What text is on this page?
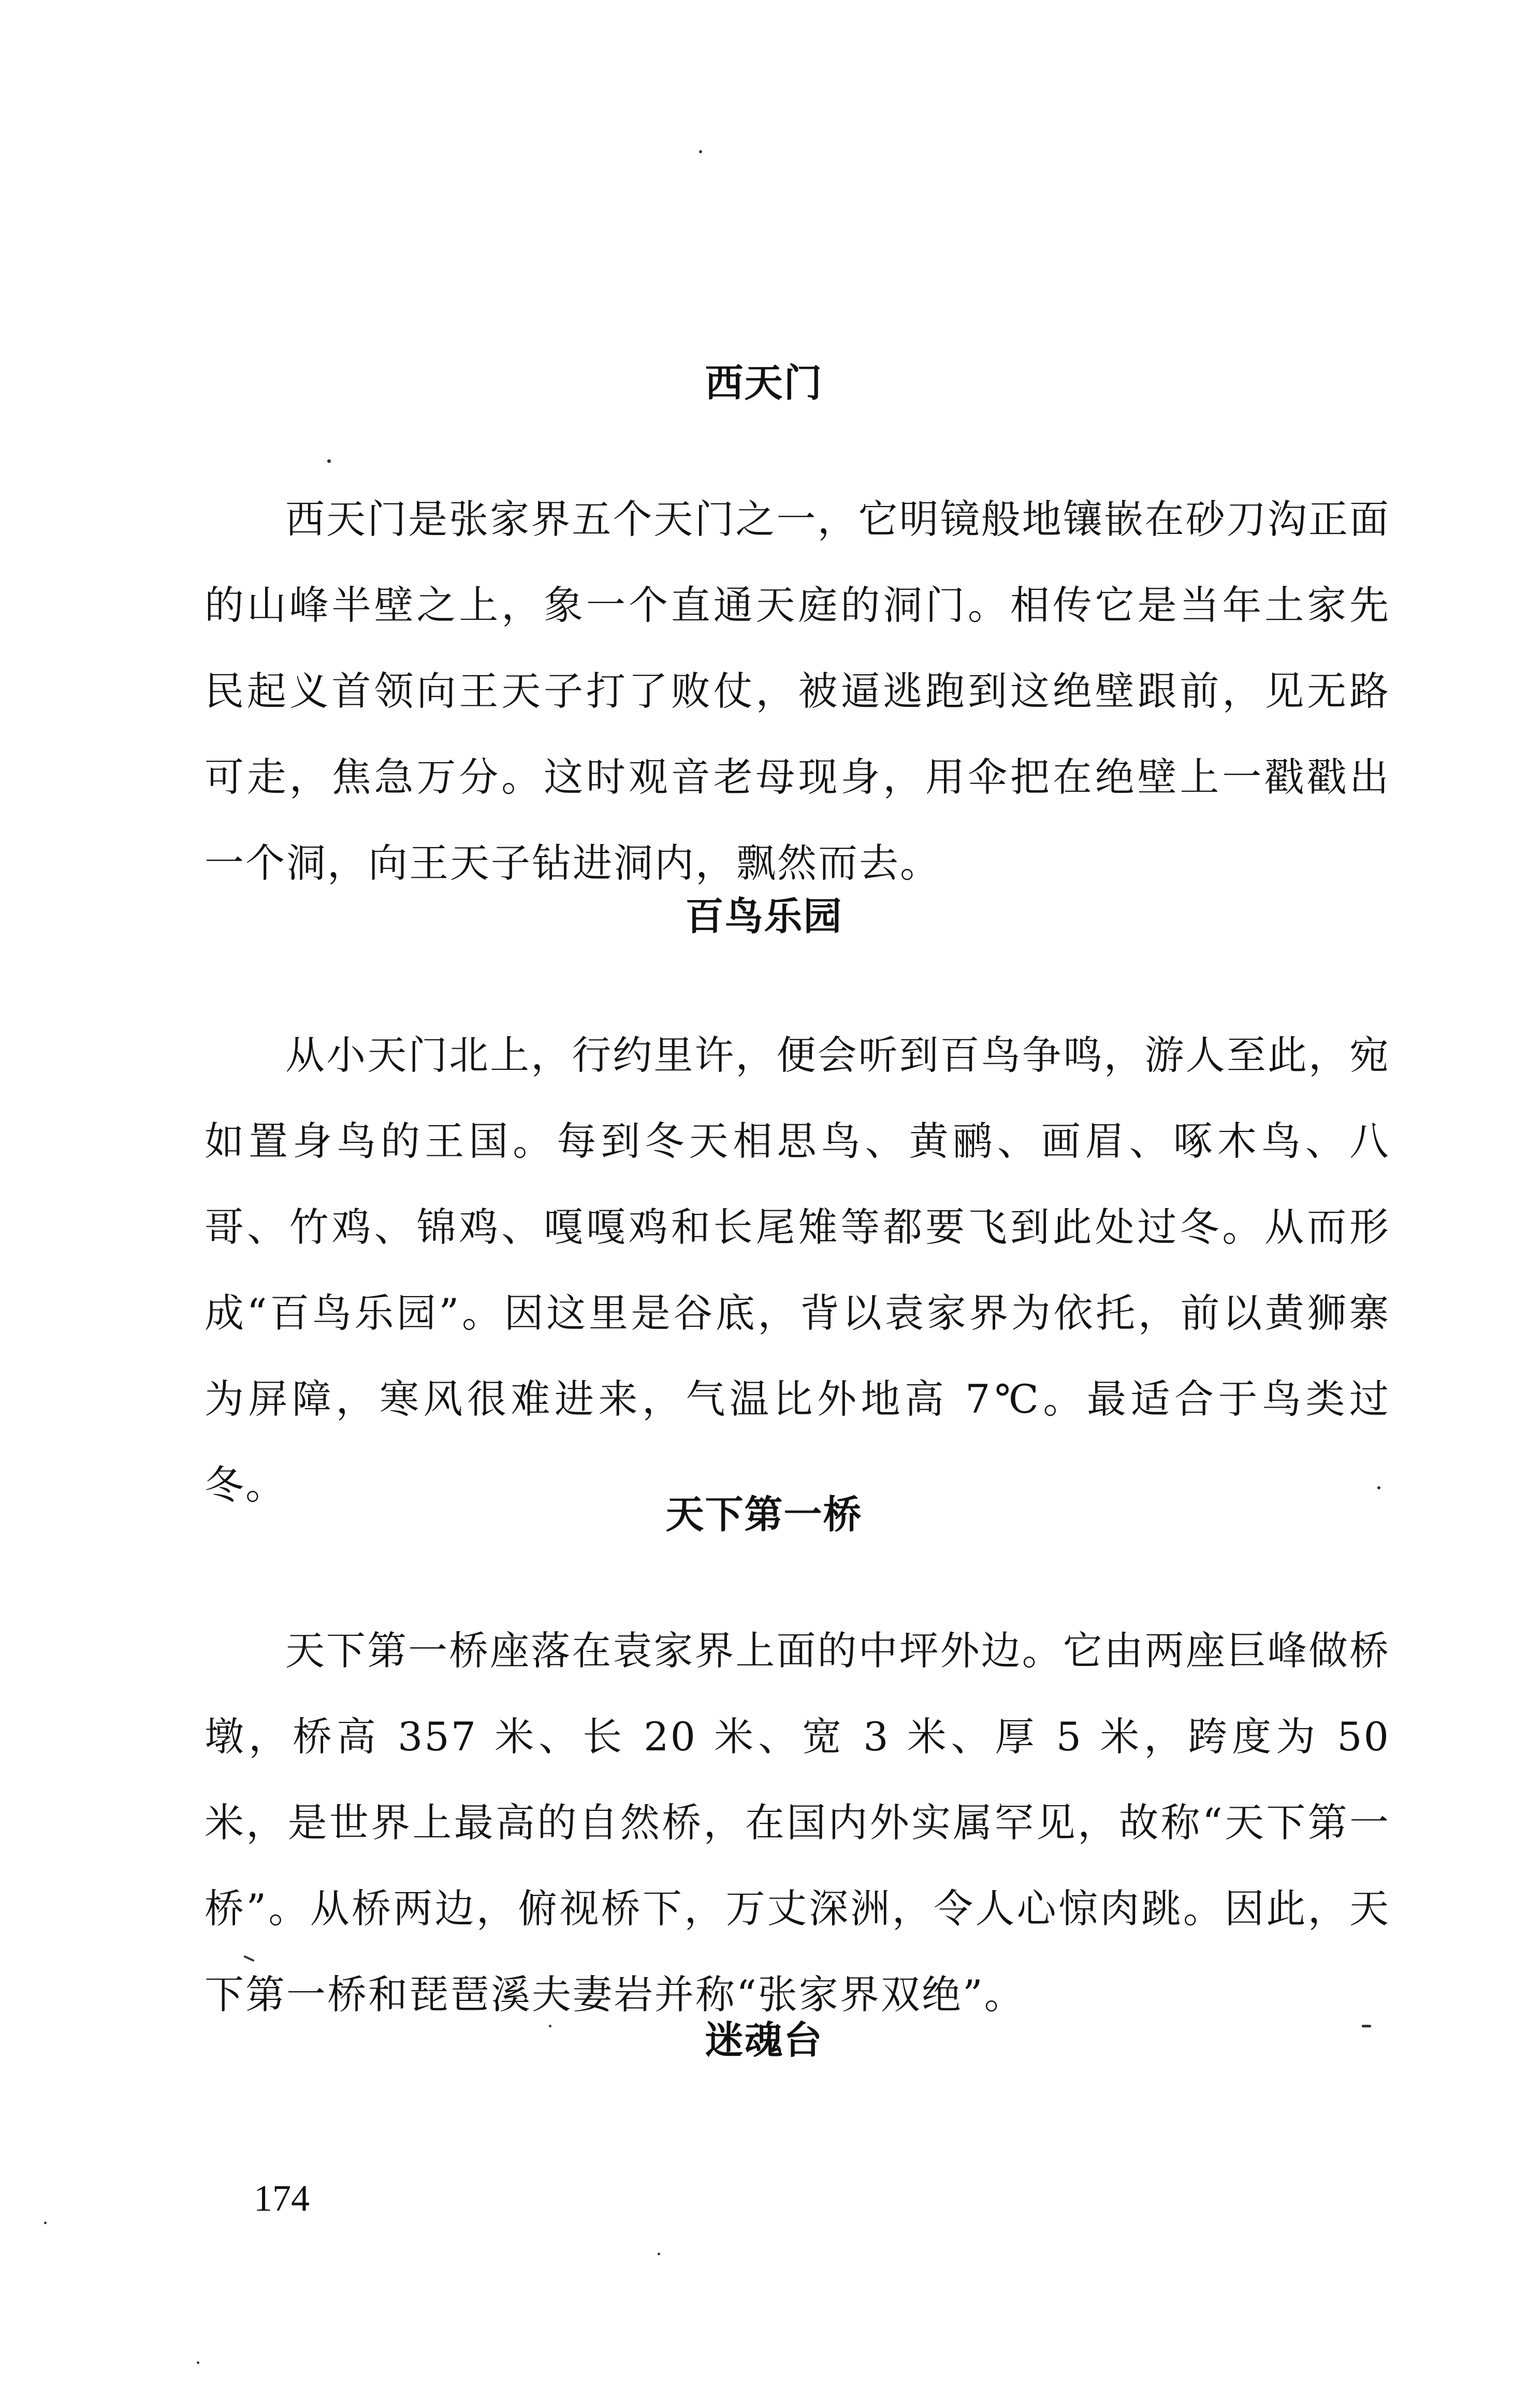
西天门

西天门是张家界五个天门之一，它明镜般地镶嵌在砂刀沟正面的山峰半壁之上，象一个直通天庭的洞门。相传它是当年土家先民起义首领向王天子打了败仗，被逼逃跑到这绝壁跟前，见无路可走，焦急万分。这时观音老母现身，用伞把在绝壁上一戳戳出一个洞，向王天子钻进洞内，飘然而去。

百鸟乐园

从小天门北上，行约里许，便会听到百鸟争鸣，游人至此，宛如置身鸟的王国。每到冬天相思鸟、黄鹂、画眉、啄木鸟、八哥、竹鸡、锦鸡、嘎嘎鸡和长尾雉等都要飞到此处过冬。从而形成“百鸟乐园”。因这里是谷底，背以袁家界为依托，前以黄狮寨为屏障，寒风很难进来，气温比外地高 7℃。最适合于鸟类过冬。

天下第一桥

天下第一桥座落在袁家界上面的中坪外边。它由两座巨峰做桥墩，桥高 357 米、长 20 米、宽 3 米、厚 5 米，跨度为 50 米，是世界上最高的自然桥，在国内外实属罕见，故称“天下第一桥”。从桥两边，俯视桥下，万丈深洲，令人心惊肉跳。因此，天下第一桥和琵琶溪夫妻岩并称“张家界双绝”。

迷魂台
174
